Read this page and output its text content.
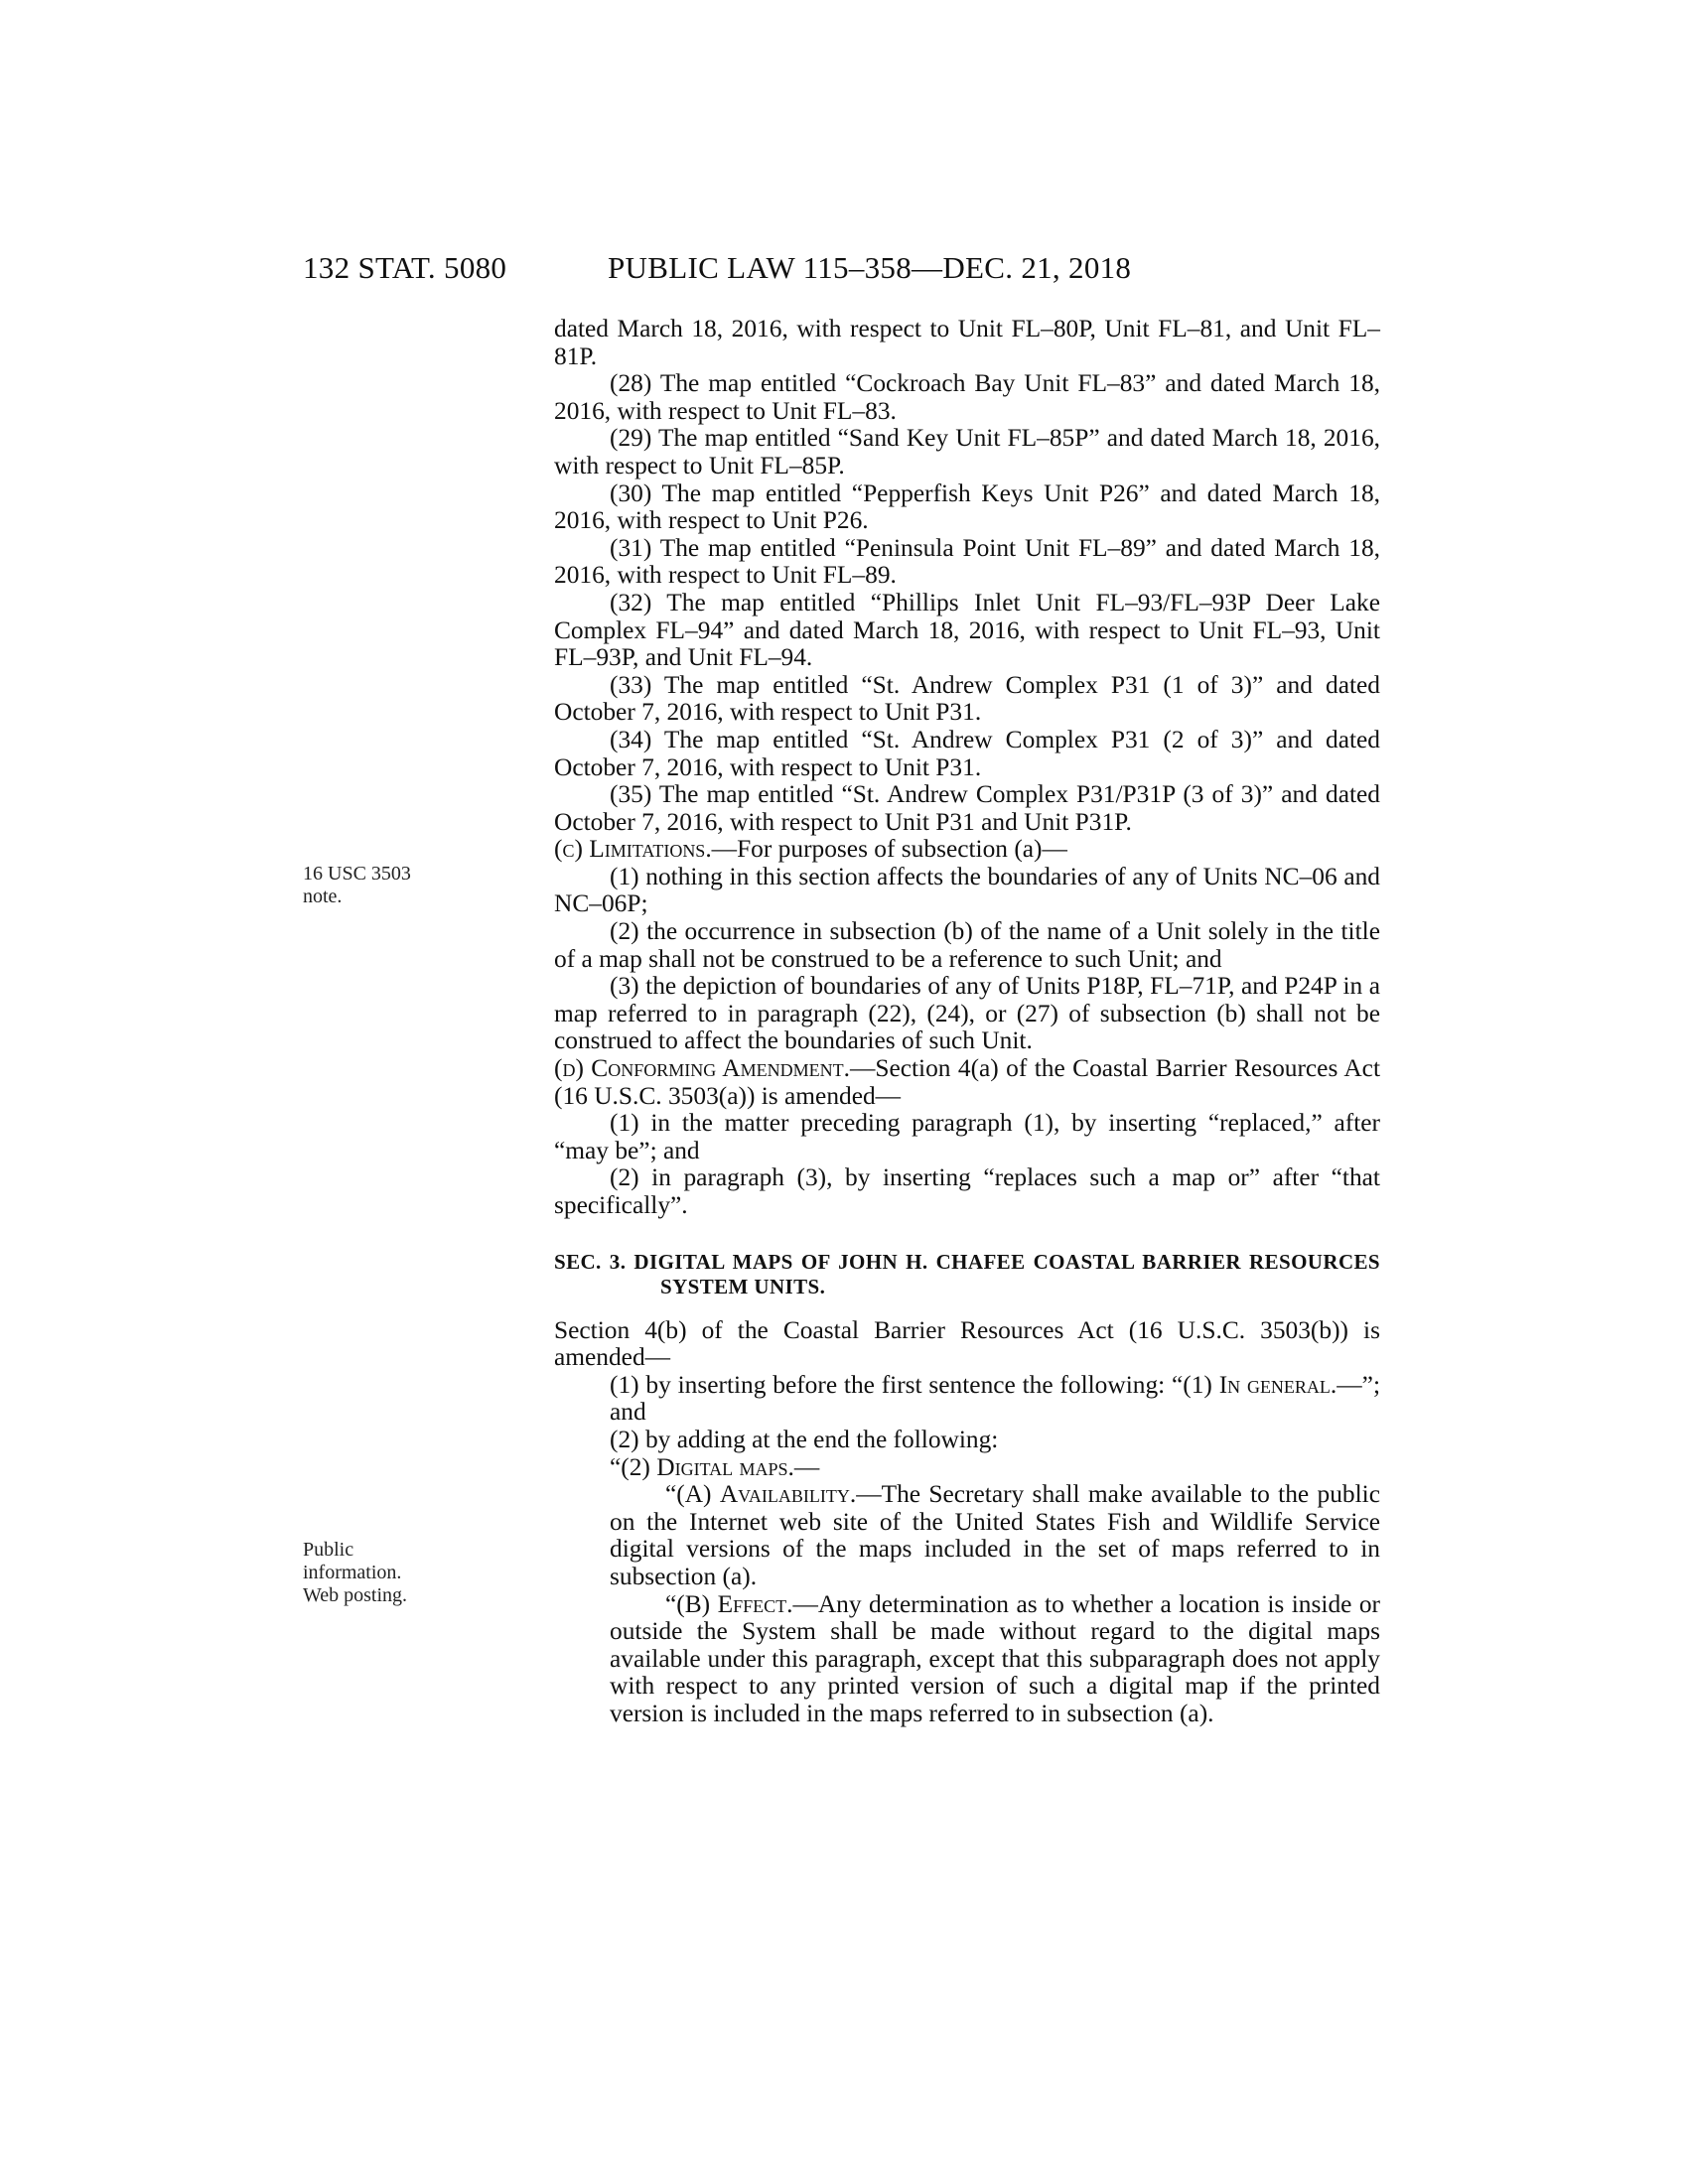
132 STAT. 5080	PUBLIC LAW 115–358—DEC. 21, 2018
16 USC 3503
note.
Public
information.
Web posting.

dated March 18, 2016, with respect to Unit FL–80P, Unit FL–81, and Unit FL–81P.

(28) The map entitled “Cockroach Bay Unit FL–83” and dated March 18, 2016, with respect to Unit FL–83.

(29) The map entitled “Sand Key Unit FL–85P” and dated March 18, 2016, with respect to Unit FL–85P.

(30) The map entitled “Pepperfish Keys Unit P26” and dated March 18, 2016, with respect to Unit P26.

(31) The map entitled “Peninsula Point Unit FL–89” and dated March 18, 2016, with respect to Unit FL–89.

(32) The map entitled “Phillips Inlet Unit FL–93/FL–93P Deer Lake Complex FL–94” and dated March 18, 2016, with respect to Unit FL–93, Unit FL–93P, and Unit FL–94.

(33) The map entitled “St. Andrew Complex P31 (1 of 3)” and dated October 7, 2016, with respect to Unit P31.

(34) The map entitled “St. Andrew Complex P31 (2 of 3)” and dated October 7, 2016, with respect to Unit P31.

(35) The map entitled “St. Andrew Complex P31/P31P (3 of 3)” and dated October 7, 2016, with respect to Unit P31 and Unit P31P.

(c) Limitations.—For purposes of subsection (a)—

(1) nothing in this section affects the boundaries of any of Units NC–06 and NC–06P;

(2) the occurrence in subsection (b) of the name of a Unit solely in the title of a map shall not be construed to be a reference to such Unit; and

(3) the depiction of boundaries of any of Units P18P, FL–71P, and P24P in a map referred to in paragraph (22), (24), or (27) of subsection (b) shall not be construed to affect the boundaries of such Unit.

(d) Conforming Amendment.—Section 4(a) of the Coastal Barrier Resources Act (16 U.S.C. 3503(a)) is amended—

(1) in the matter preceding paragraph (1), by inserting “replaced,” after “may be”; and

(2) in paragraph (3), by inserting “replaces such a map or” after “that specifically”.

SEC. 3. DIGITAL MAPS OF JOHN H. CHAFEE COASTAL BARRIER RESOURCES SYSTEM UNITS.

Section 4(b) of the Coastal Barrier Resources Act (16 U.S.C. 3503(b)) is amended—

(1) by inserting before the first sentence the following: “(1) In general.—”; and

(2) by adding at the end the following:

“(2) Digital maps.—

“(A) Availability.—The Secretary shall make available to the public on the Internet web site of the United States Fish and Wildlife Service digital versions of the maps included in the set of maps referred to in subsection (a).

“(B) Effect.—Any determination as to whether a location is inside or outside the System shall be made without regard to the digital maps available under this paragraph, except that this subparagraph does not apply with respect to any printed version of such a digital map if the printed version is included in the maps referred to in subsection (a).
